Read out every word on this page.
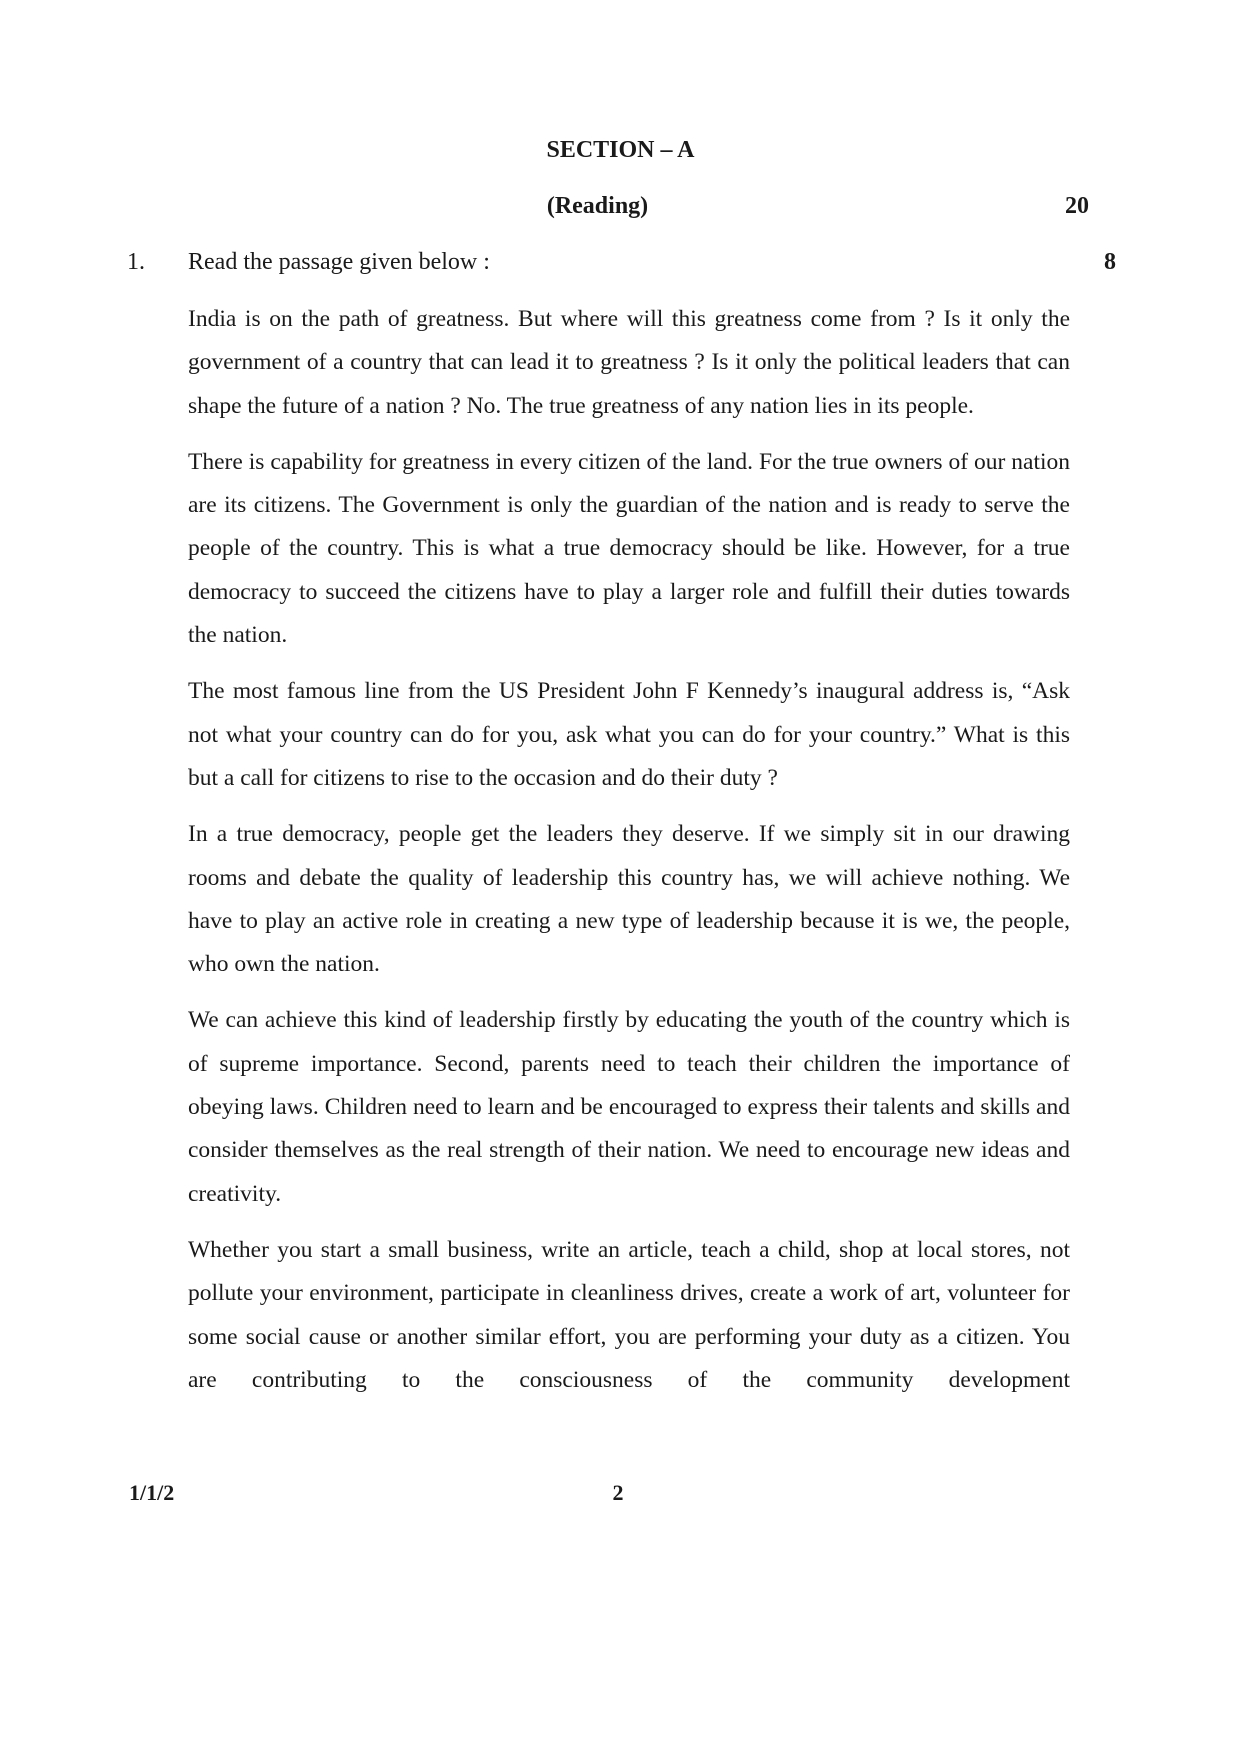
SECTION – A
(Reading)	20
1. Read the passage given below :	8

India is on the path of greatness. But where will this greatness come from ? Is it only the government of a country that can lead it to greatness ? Is it only the political leaders that can shape the future of a nation ? No. The true greatness of any nation lies in its people.

There is capability for greatness in every citizen of the land. For the true owners of our nation are its citizens. The Government is only the guardian of the nation and is ready to serve the people of the country. This is what a true democracy should be like. However, for a true democracy to succeed the citizens have to play a larger role and fulfill their duties towards the nation.

The most famous line from the US President John F Kennedy’s inaugural address is, “Ask not what your country can do for you, ask what you can do for your country.” What is this but a call for citizens to rise to the occasion and do their duty ?

In a true democracy, people get the leaders they deserve. If we simply sit in our drawing rooms and debate the quality of leadership this country has, we will achieve nothing. We have to play an active role in creating a new type of leadership because it is we, the people, who own the nation.

We can achieve this kind of leadership firstly by educating the youth of the country which is of supreme importance. Second, parents need to teach their children the importance of obeying laws. Children need to learn and be encouraged to express their talents and skills and consider themselves as the real strength of their nation. We need to encourage new ideas and creativity.

Whether you start a small business, write an article, teach a child, shop at local stores, not pollute your environment, participate in cleanliness drives, create a work of art, volunteer for some social cause or another similar effort, you are performing your duty as a citizen. You are contributing to the consciousness of the community development

1/1/2	2
